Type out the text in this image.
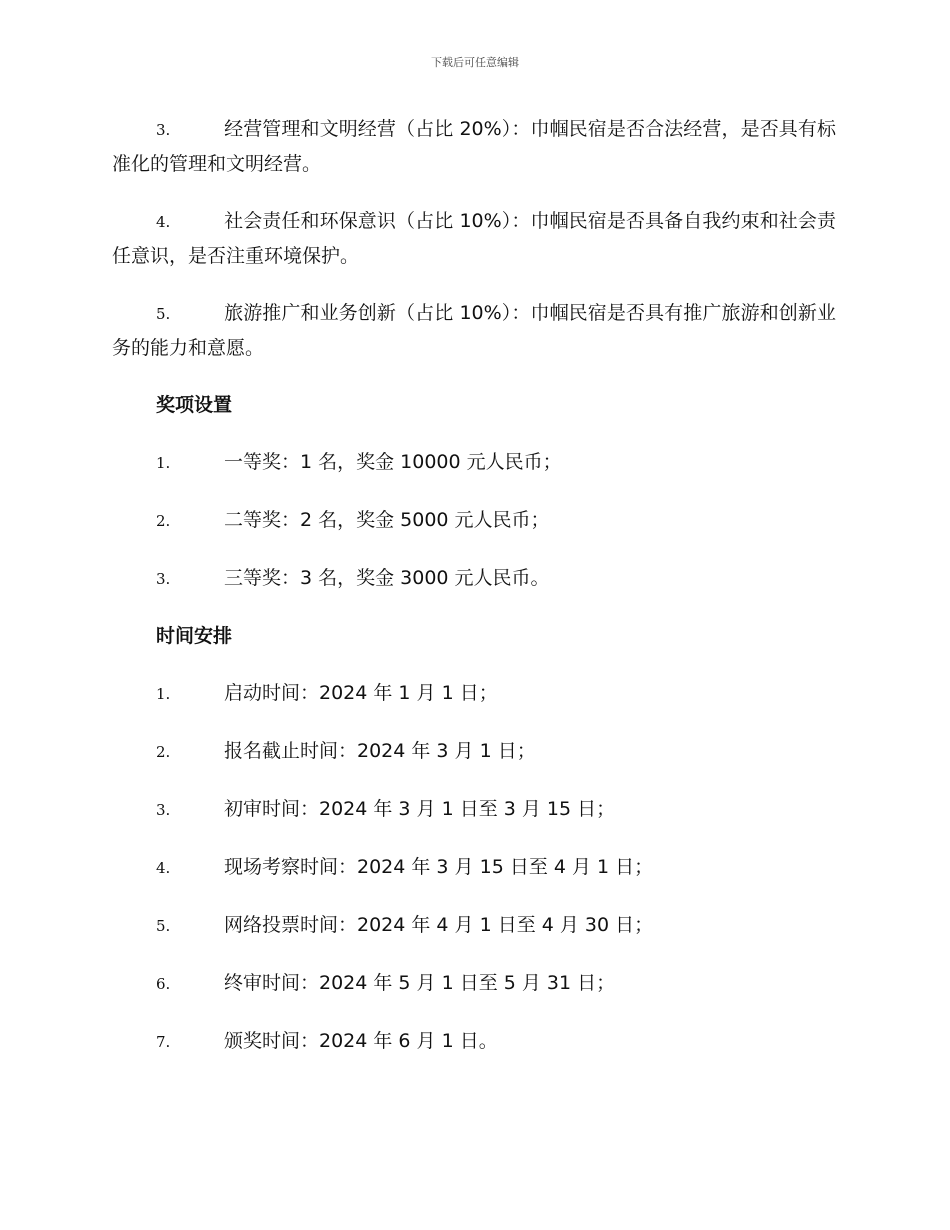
下载后可任意编辑
3.	经营管理和文明经营（占比 20%）：巾帼民宿是否合法经营，是否具有标准化的管理和文明经营。
4.	社会责任和环保意识（占比 10%）：巾帼民宿是否具备自我约束和社会责任意识，是否注重环境保护。
5.	旅游推广和业务创新（占比 10%）：巾帼民宿是否具有推广旅游和创新业务的能力和意愿。
奖项设置
1.	一等奖：1 名，奖金 10000 元人民币；
2.	二等奖：2 名，奖金 5000 元人民币；
3.	三等奖：3 名，奖金 3000 元人民币。
时间安排
1.	启动时间：2024 年 1 月 1 日；
2.	报名截止时间：2024 年 3 月 1 日；
3.	初审时间：2024 年 3 月 1 日至 3 月 15 日；
4.	现场考察时间：2024 年 3 月 15 日至 4 月 1 日；
5.	网络投票时间：2024 年 4 月 1 日至 4 月 30 日；
6.	终审时间：2024 年 5 月 1 日至 5 月 31 日；
7.	颁奖时间：2024 年 6 月 1 日。
